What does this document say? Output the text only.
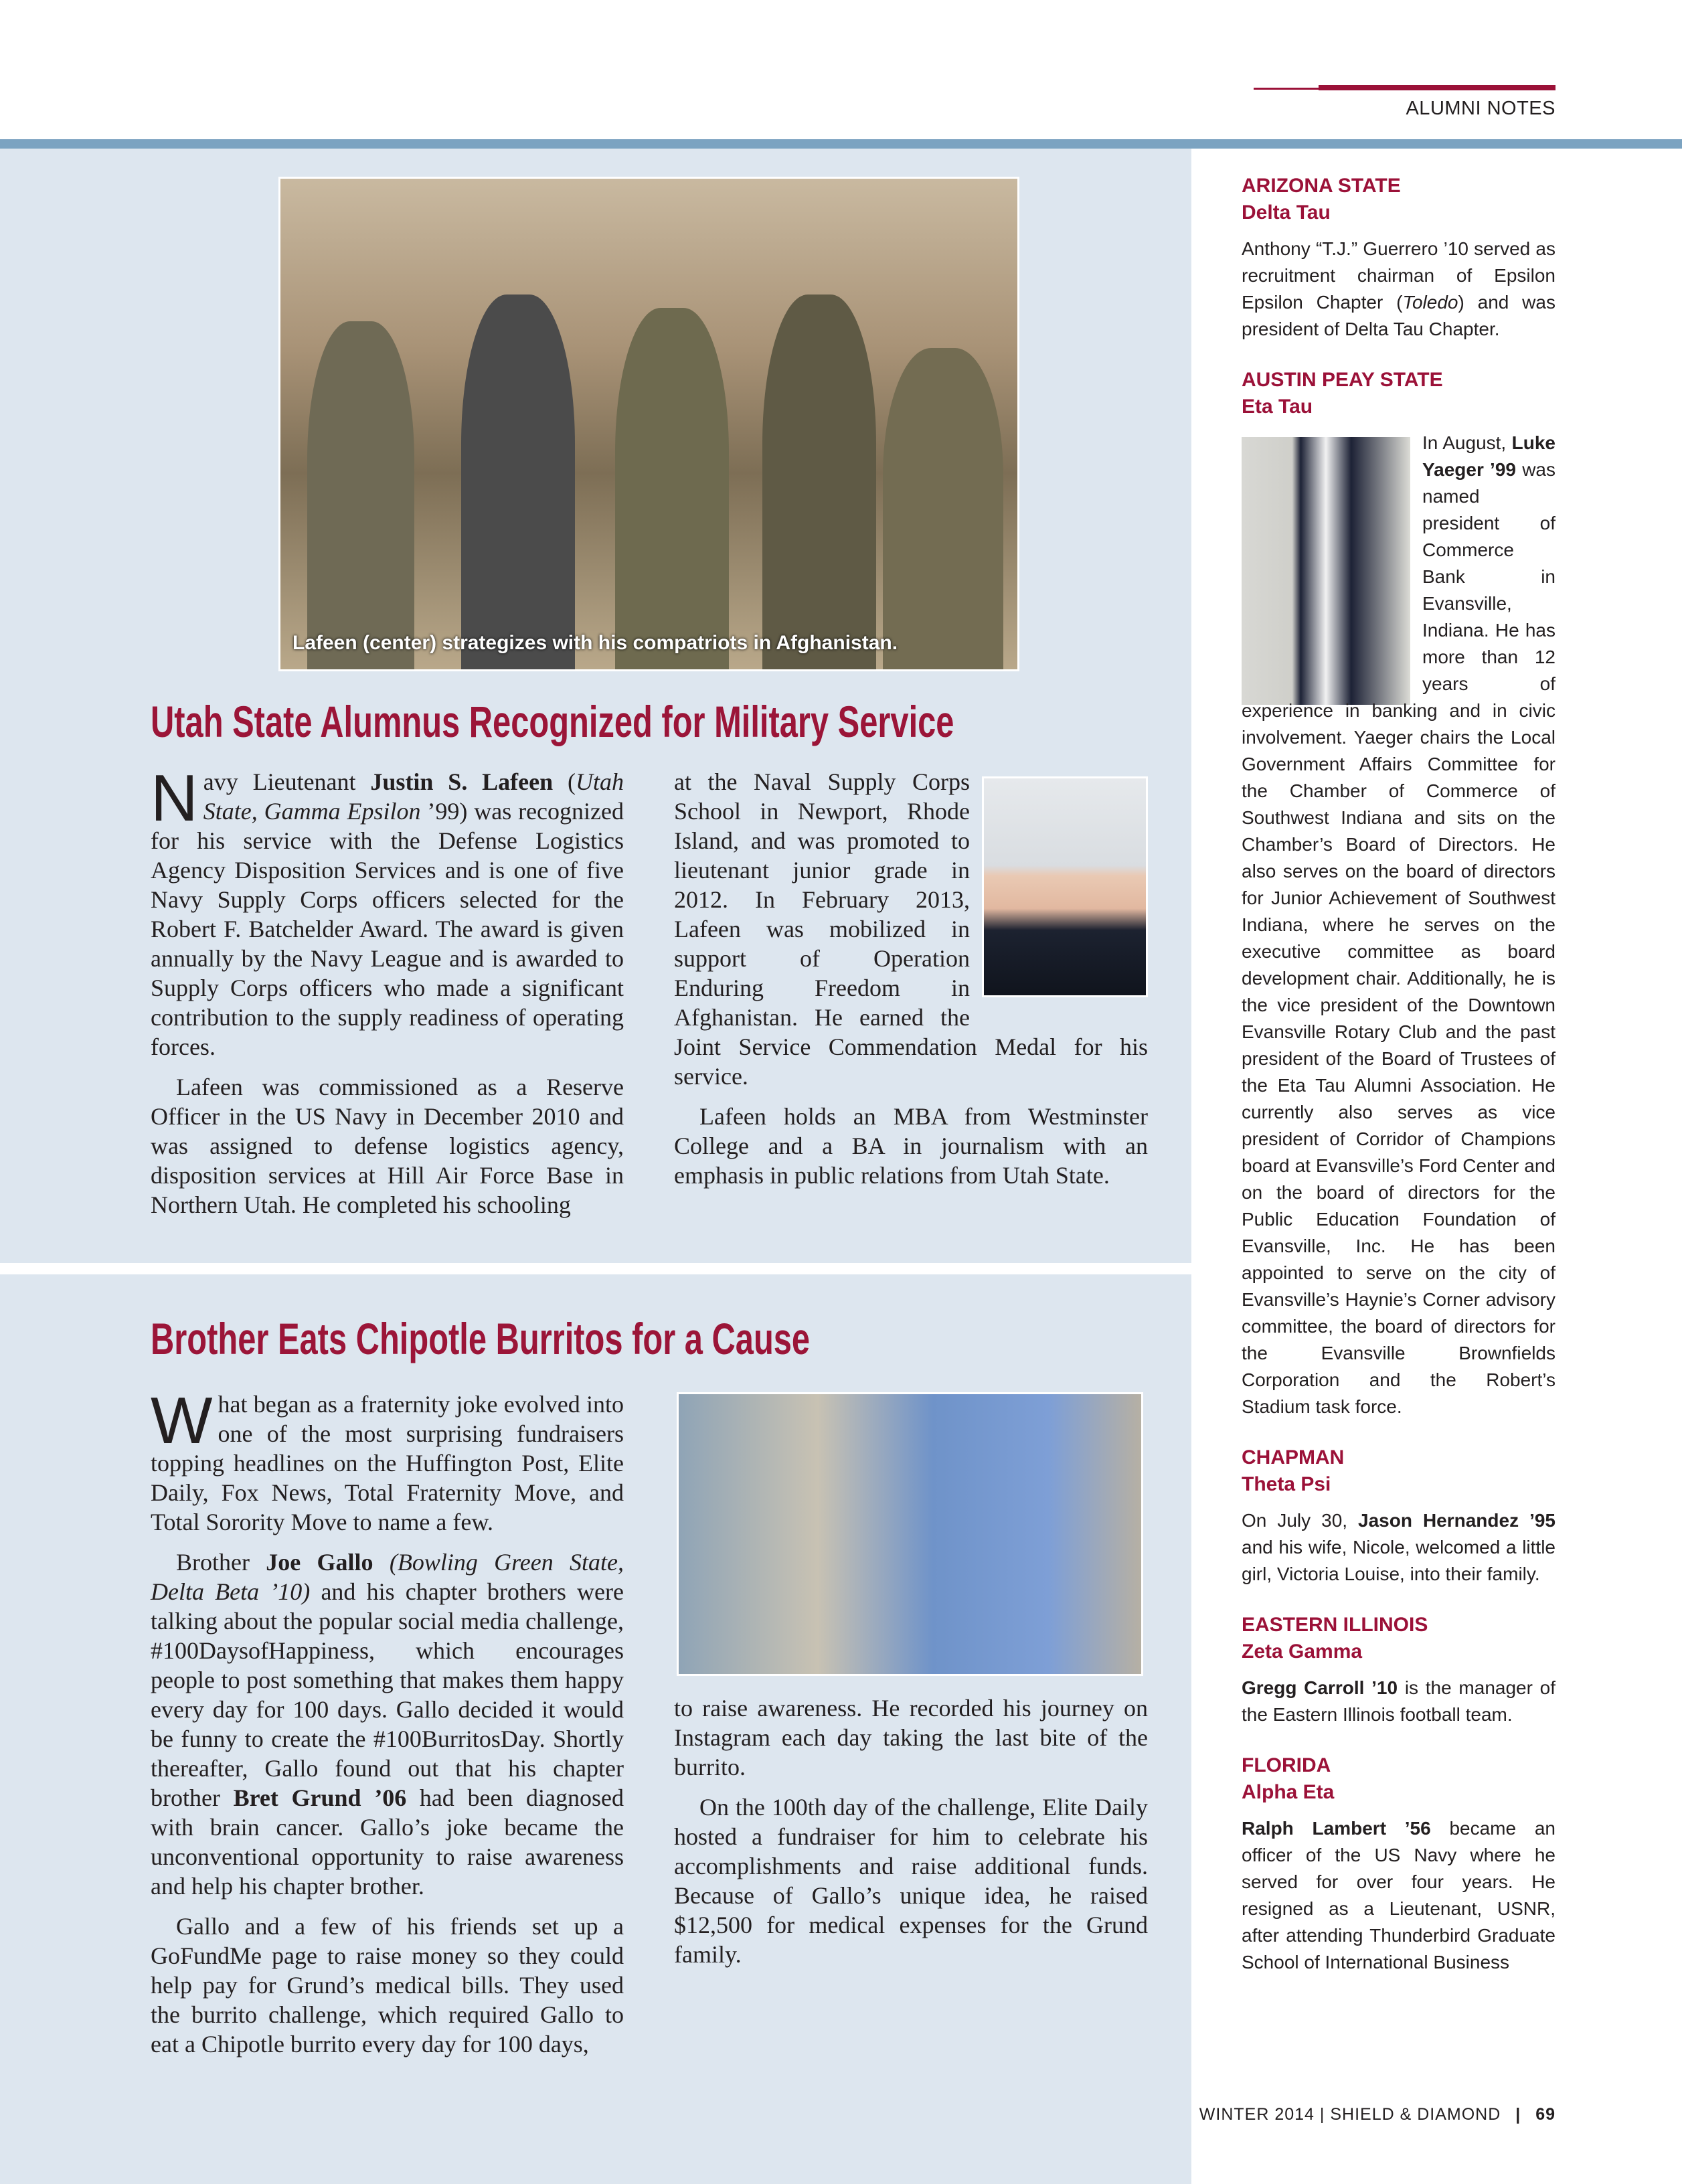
ALUMNI NOTES
Lafeen (center) strategizes with his compatriots in Afghanistan.
Utah State Alumnus Recognized for Military Service
N avy Lieutenant Justin S. Lafeen (Utah State, Gamma Epsilon ’99) was recognized for his service with the Defense Logistics Agency Disposition Services and is one of five Navy Supply Corps officers selected for the Robert F. Batchelder Award. The award is given annually by the Navy League and is awarded to Supply Corps officers who made a significant contribution to the supply readiness of operating forces.

Lafeen was commissioned as a Reserve Officer in the US Navy in December 2010 and was assigned to defense logistics agency, disposition services at Hill Air Force Base in Northern Utah. He completed his schooling

at the Naval Supply Corps School in Newport, Rhode Island, and was promoted to lieutenant junior grade in 2012. In February 2013, Lafeen was mobilized in support of Operation Enduring Freedom in Afghanistan. He earned the Joint Service Commendation Medal for his service.

Lafeen holds an MBA from Westminster College and a BA in journalism with an emphasis in public relations from Utah State.

Brother Eats Chipotle Burritos for a Cause
W hat began as a fraternity joke evolved into one of the most surprising fundraisers topping headlines on the Huffington Post, Elite Daily, Fox News, Total Fraternity Move, and Total Sorority Move to name a few.

Brother Joe Gallo (Bowling Green State, Delta Beta ’10) and his chapter brothers were talking about the popular social media challenge, #100DaysofHappiness, which encourages people to post something that makes them happy every day for 100 days. Gallo decided it would be funny to create the #100BurritosDay. Shortly thereafter, Gallo found out that his chapter brother Bret Grund ’06 had been diagnosed with brain cancer. Gallo’s joke became the unconventional opportunity to raise awareness and help his chapter brother.

Gallo and a few of his friends set up a GoFundMe page to raise money so they could help pay for Grund’s medical bills. They used the burrito challenge, which required Gallo to eat a Chipotle burrito every day for 100 days,

to raise awareness. He recorded his journey on Instagram each day taking the last bite of the burrito.

On the 100th day of the challenge, Elite Daily hosted a fundraiser for him to celebrate his accomplishments and raise additional funds. Because of Gallo’s unique idea, he raised $12,500 for medical expenses for the Grund family.

ARIZONA STATE
Delta Tau

Anthony “T.J.” Guerrero ’10 served as recruitment chairman of Epsilon Epsilon Chapter (Toledo) and was president of Delta Tau Chapter.

AUSTIN PEAY STATE
Eta Tau

In August, Luke Yaeger ’99 was named president of Commerce Bank in Evansville, Indiana. He has more than 12 years of experience in banking and in civic involvement. Yaeger chairs the Local Government Affairs Committee for the Chamber of Commerce of Southwest Indiana and sits on the Chamber’s Board of Directors. He also serves on the board of directors for Junior Achievement of Southwest Indiana, where he serves on the executive committee as board development chair. Additionally, he is the vice president of the Downtown Evansville Rotary Club and the past president of the Board of Trustees of the Eta Tau Alumni Association. He currently also serves as vice president of Corridor of Champions board at Evansville’s Ford Center and on the board of directors for the Public Education Foundation of Evansville, Inc. He has been appointed to serve on the city of Evansville’s Haynie’s Corner advisory committee, the board of directors for the Evansville Brownfields Corporation and the Robert’s Stadium task force.

CHAPMAN
Theta Psi

On July 30, Jason Hernandez ’95 and his wife, Nicole, welcomed a little girl, Victoria Louise, into their family.

EASTERN ILLINOIS
Zeta Gamma

Gregg Carroll ’10 is the manager of the Eastern Illinois football team.

FLORIDA
Alpha Eta

Ralph Lambert ’56 became an officer of the US Navy where he served for over four years. He resigned as a Lieutenant, USNR, after attending Thunderbird Graduate School of International Business

WINTER 2014 | SHIELD & DIAMOND | 69
